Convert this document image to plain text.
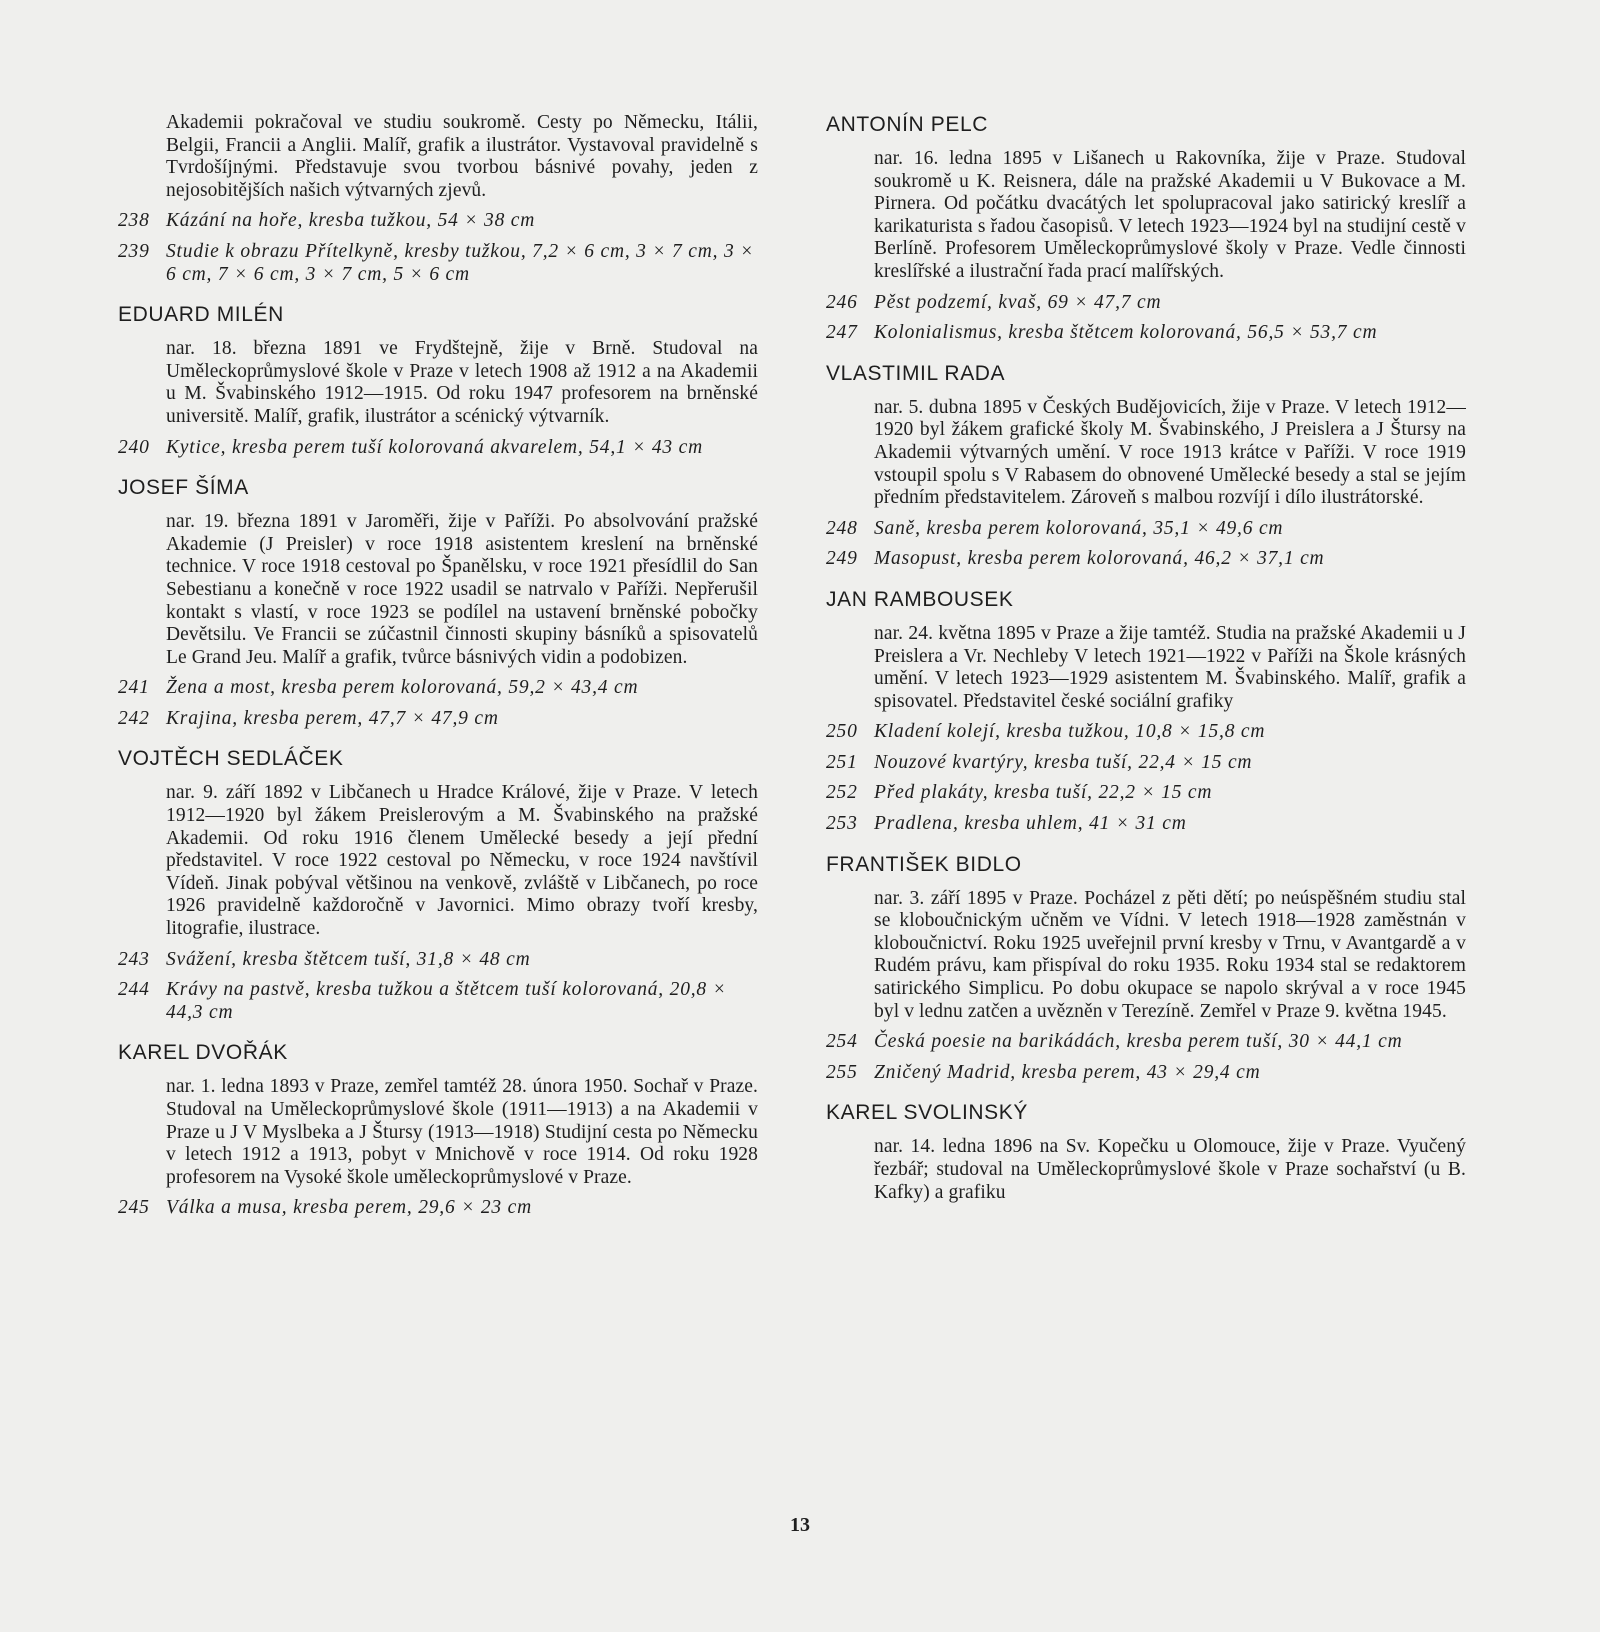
Akademii pokračoval ve studiu soukromě. Cesty po Německu, Itálii, Belgii, Francii a Anglii. Malíř, grafik a ilustrátor. Vystavoval pravidelně s Tvrdošíjnými. Představuje svou tvorbou básnivé povahy, jeden z nejosobitějších našich výtvarných zjevů.

238 Kázání na hoře, kresba tužkou, 54 × 38 cm
239 Studie k obrazu Přítelkyně, kresby tužkou, 7,2 × 6 cm, 3 × 7 cm, 3 × 6 cm, 7 × 6 cm, 3 × 7 cm, 5 × 6 cm
EDUARD MILÉN

nar. 18. března 1891 ve Frydštejně, žije v Brně. Studoval na Uměleckoprůmyslové škole v Praze v letech 1908 až 1912 a na Akademii u M. Švabinského 1912—1915. Od roku 1947 profesorem na brněnské universitě. Malíř, grafik, ilustrátor a scénický výtvarník.

240 Kytice, kresba perem tuší kolorovaná akvarelem, 54,1 × 43 cm
JOSEF ŠÍMA

nar. 19. března 1891 v Jaroměři, žije v Paříži. Po absolvování pražské Akademie (J Preisler) v roce 1918 asistentem kreslení na brněnské technice. V roce 1918 cestoval po Španělsku, v roce 1921 přesídlil do San Sebestianu a konečně v roce 1922 usadil se natrvalo v Paříži. Nepřerušil kontakt s vlastí, v roce 1923 se podílel na ustavení brněnské pobočky Devětsilu. Ve Francii se zúčastnil činnosti skupiny básníků a spisovatelů Le Grand Jeu. Malíř a grafik, tvůrce básnivých vidin a podobizen.

241 Žena a most, kresba perem kolorovaná, 59,2 × 43,4 cm
242 Krajina, kresba perem, 47,7 × 47,9 cm
VOJTĚCH SEDLÁČEK

nar. 9. září 1892 v Libčanech u Hradce Králové, žije v Praze. V letech 1912—1920 byl žákem Preislerovým a M. Švabinského na pražské Akademii. Od roku 1916 členem Umělecké besedy a její přední představitel. V roce 1922 cestoval po Německu, v roce 1924 navštívil Vídeň. Jinak pobýval většinou na venkově, zvláště v Libčanech, po roce 1926 pravidelně každoročně v Javornici. Mimo obrazy tvoří kresby, litografie, ilustrace.

243 Svážení, kresba štětcem tuší, 31,8 × 48 cm
244 Krávy na pastvě, kresba tužkou a štětcem tuší kolorovaná, 20,8 × 44,3 cm
KAREL DVOŘÁK

nar. 1. ledna 1893 v Praze, zemřel tamtéž 28. února 1950. Sochař v Praze. Studoval na Uměleckoprůmyslové škole (1911—1913) a na Akademii v Praze u J V Myslbeka a J Štursy (1913—1918) Studijní cesta po Německu v letech 1912 a 1913, pobyt v Mnichově v roce 1914. Od roku 1928 profesorem na Vysoké škole uměleckoprůmyslové v Praze.

245 Válka a musa, kresba perem, 29,6 × 23 cm
ANTONÍN PELC

nar. 16. ledna 1895 v Lišanech u Rakovníka, žije v Praze. Studoval soukromě u K. Reisnera, dále na pražské Akademii u V Bukovace a M. Pirnera. Od počátku dvacátých let spolupracoval jako satirický kreslíř a karikaturista s řadou časopisů. V letech 1923—1924 byl na studijní cestě v Berlíně. Profesorem Uměleckoprůmyslové školy v Praze. Vedle činnosti kreslířské a ilustrační řada prací malířských.

246 Pěst podzemí, kvaš, 69 × 47,7 cm
247 Kolonialismus, kresba štětcem kolorovaná, 56,5 × 53,7 cm
VLASTIMIL RADA

nar. 5. dubna 1895 v Českých Budějovicích, žije v Praze. V letech 1912—1920 byl žákem grafické školy M. Švabinského, J Preislera a J Štursy na Akademii výtvarných umění. V roce 1913 krátce v Paříži. V roce 1919 vstoupil spolu s V Rabasem do obnovené Umělecké besedy a stal se jejím předním představitelem. Zároveň s malbou rozvíjí i dílo ilustrátorské.

248 Saně, kresba perem kolorovaná, 35,1 × 49,6 cm
249 Masopust, kresba perem kolorovaná, 46,2 × 37,1 cm
JAN RAMBOUSEK

nar. 24. května 1895 v Praze a žije tamtéž. Studia na pražské Akademii u J Preislera a Vr. Nechleby V letech 1921—1922 v Paříži na Škole krásných umění. V letech 1923—1929 asistentem M. Švabinského. Malíř, grafik a spisovatel. Představitel české sociální grafiky

250 Kladení kolejí, kresba tužkou, 10,8 × 15,8 cm
251 Nouzové kvartýry, kresba tuší, 22,4 × 15 cm
252 Před plakáty, kresba tuší, 22,2 × 15 cm
253 Pradlena, kresba uhlem, 41 × 31 cm
FRANTIŠEK BIDLO

nar. 3. září 1895 v Praze. Pocházel z pěti dětí; po neúspěšném studiu stal se kloboučnickým učněm ve Vídni. V letech 1918—1928 zaměstnán v kloboučnictví. Roku 1925 uveřejnil první kresby v Trnu, v Avantgardě a v Rudém právu, kam přispíval do roku 1935. Roku 1934 stal se redaktorem satirického Simplicu. Po dobu okupace se napolo skrýval a v roce 1945 byl v lednu zatčen a uvězněn v Terezíně. Zemřel v Praze 9. května 1945.

254 Česká poesie na barikádách, kresba perem tuší, 30 × 44,1 cm
255 Zničený Madrid, kresba perem, 43 × 29,4 cm
KAREL SVOLINSKÝ

nar. 14. ledna 1896 na Sv. Kopečku u Olomouce, žije v Praze. Vyučený řezbář; studoval na Uměleckoprůmyslové škole v Praze sochařství (u B. Kafky) a grafiku

13
